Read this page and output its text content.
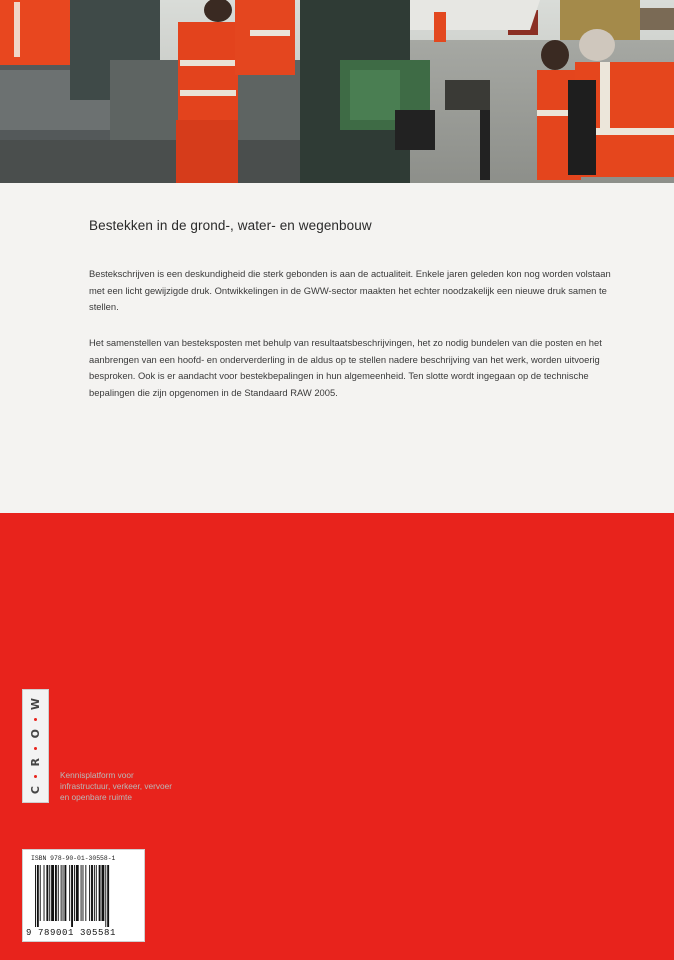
Bestekken in de grond-, water- en wegenbouw

Bestekschrijven is een deskundigheid die sterk gebonden is aan de actualiteit. Enkele jaren geleden kon nog worden volstaan met een licht gewijzigde druk. Ontwikkelingen in de GWW-sector maakten het echter noodzakelijk een nieuwe druk samen te stellen.

Het samenstellen van besteksposten met behulp van resultaatsbeschrijvingen, het zo nodig bundelen van die posten en het aanbrengen van een hoofd- en onderverderling in de aldus op te stellen nadere beschrijving van het werk, worden uitvoerig besproken. Ook is er aandacht voor bestekbepalingen in hun algemeenheid. Ten slotte wordt ingegaan op de technische bepalingen die zijn opgenomen in de Standaard RAW 2005.

W
O
R
C
Kennisplatform voor
infrastructuur, verkeer, vervoer
en openbare ruimte
ISBN 978-90-01-30558-1
9 789001 305581
